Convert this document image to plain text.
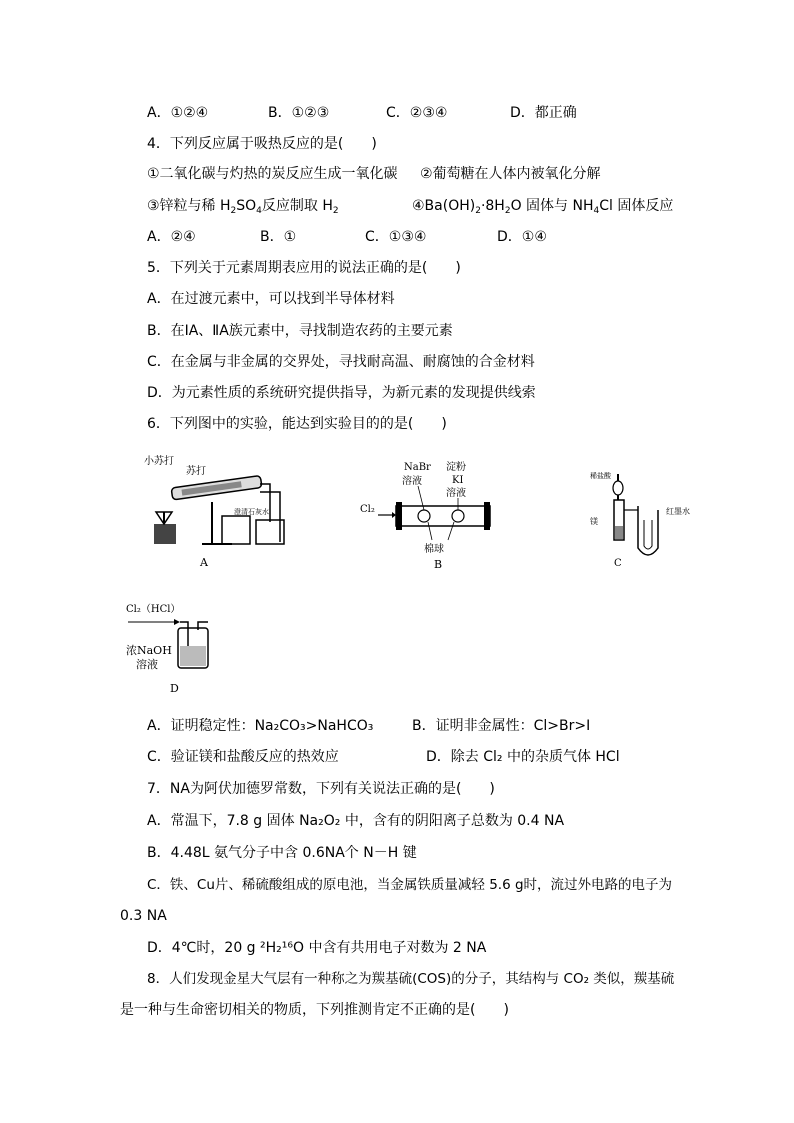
A．①②④	B．①②③	C．②③④	D．都正确
4．下列反应属于吸热反应的是(　　)
①二氧化碳与灼热的炭反应生成一氧化碳 ②葡萄糖在人体内被氧化分解
③锌粒与稀 $H_2SO_4$反应制取 $H_2$	$④Ba(OH)_2\cdot 8H_2O$ 固体与 $NH_4Cl$ 固体反应
A．②④	B．①	C．①③④	D．①④
5．下列关于元素周期表应用的说法正确的是(　　)
A．在过渡元素中，可以找到半导体材料
B．在ⅠA、ⅡA族元素中，寻找制造农药的主要元素
C．在金属与非金属的交界处，寻找耐高温、耐腐蚀的合金材料
D．为元素性质的系统研究提供指导，为新元素的发现提供线索
6．下列图中的实验，能达到实验目的的是(　　)
小苏打
苏打
澄清石灰水
A
NaBr
溶液
淀粉
KI
溶液
Cl₂
棉球
B
稀盐酸
镁
红墨水
C
Cl₂（HCl）
浓NaOH
溶液
D
A．证明稳定性：Na₂CO₃>NaHCO₃	B．证明非金属性：Cl>Br>I
C．验证镁和盐酸反应的热效应	D．除去 Cl₂ 中的杂质气体 HCl
7．NA为阿伏加德罗常数，下列有关说法正确的是(　　)
A．常温下，7.8 g 固体 Na₂O₂ 中，含有的阴阳离子总数为 0.4 NA
B．4.48L 氨气分子中含 0.6NA个 N－H 键
C．铁、Cu片、稀硫酸组成的原电池，当金属铁质量减轻 5.6 g时，流过外电路的电子为
0.3 NA
D．4℃时，20 g ²H₂¹⁶O 中含有共用电子对数为 2 NA
8．人们发现金星大气层有一种称之为羰基硫(COS)的分子，其结构与 CO₂ 类似，羰基硫
是一种与生命密切相关的物质，下列推测肯定不正确的是(　　)
